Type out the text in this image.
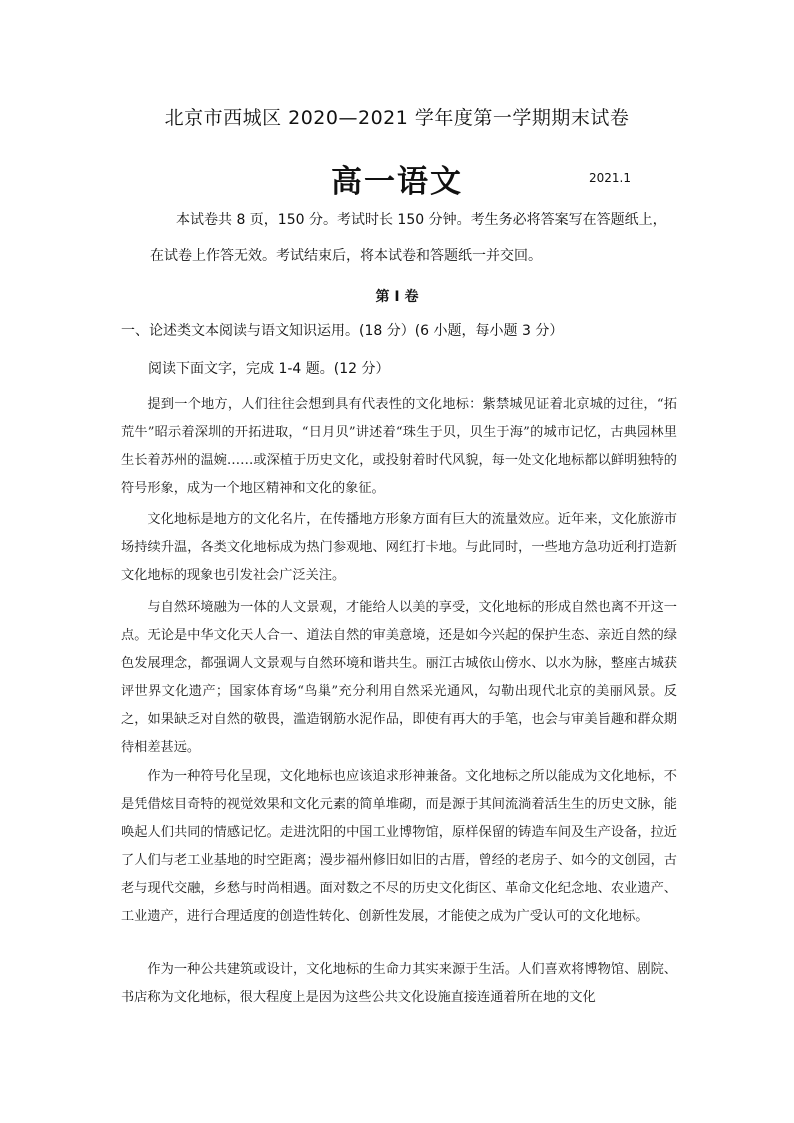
北京市西城区 2020—2021 学年度第一学期期末试卷
高一语文	2021.1
本试卷共 8 页，150 分。考试时长 150 分钟。考生务必将答案写在答题纸上，
在试卷上作答无效。考试结束后，将本试卷和答题纸一并交回。
第 I 卷
一、论述类文本阅读与语文知识运用。(18 分）(6 小题，每小题 3 分）
阅读下面文字，完成 1-4 题。(12 分）

提到一个地方，人们往往会想到具有代表性的文化地标：紫禁城见证着北京城的过往，“拓荒牛”昭示着深圳的开拓进取，“日月贝”讲述着“珠生于贝，贝生于海”的城市记忆，古典园林里生长着苏州的温婉……或深植于历史文化，或投射着时代风貌，每一处文化地标都以鲜明独特的符号形象，成为一个地区精神和文化的象征。

文化地标是地方的文化名片，在传播地方形象方面有巨大的流量效应。近年来，文化旅游市场持续升温，各类文化地标成为热门参观地、网红打卡地。与此同时，一些地方急功近利打造新文化地标的现象也引发社会广泛关注。

与自然环境融为一体的人文景观，才能给人以美的享受，文化地标的形成自然也离不开这一点。无论是中华文化天人合一、道法自然的审美意境，还是如今兴起的保护生态、亲近自然的绿色发展理念，都强调人文景观与自然环境和谐共生。丽江古城依山傍水、以水为脉，整座古城获评世界文化遗产；国家体育场“鸟巢”充分利用自然采光通风，勾勒出现代北京的美丽风景。反之，如果缺乏对自然的敬畏，滥造钢筋水泥作品，即使有再大的手笔，也会与审美旨趣和群众期待相差甚远。

作为一种符号化呈现，文化地标也应该追求形神兼备。文化地标之所以能成为文化地标，不是凭借炫目奇特的视觉效果和文化元素的简单堆砌，而是源于其间流淌着活生生的历史文脉，能唤起人们共同的情感记忆。走进沈阳的中国工业博物馆，原样保留的铸造车间及生产设备，拉近了人们与老工业基地的时空距离；漫步福州修旧如旧的古厝，曾经的老房子、如今的文创园，古老与现代交融，乡愁与时尚相遇。面对数之不尽的历史文化街区、革命文化纪念地、农业遗产、工业遗产，进行合理适度的创造性转化、创新性发展，才能使之成为广受认可的文化地标。

作为一种公共建筑或设计，文化地标的生命力其实来源于生活。人们喜欢将博物馆、剧院、书店称为文化地标，很大程度上是因为这些公共文化设施直接连通着所在地的文化
